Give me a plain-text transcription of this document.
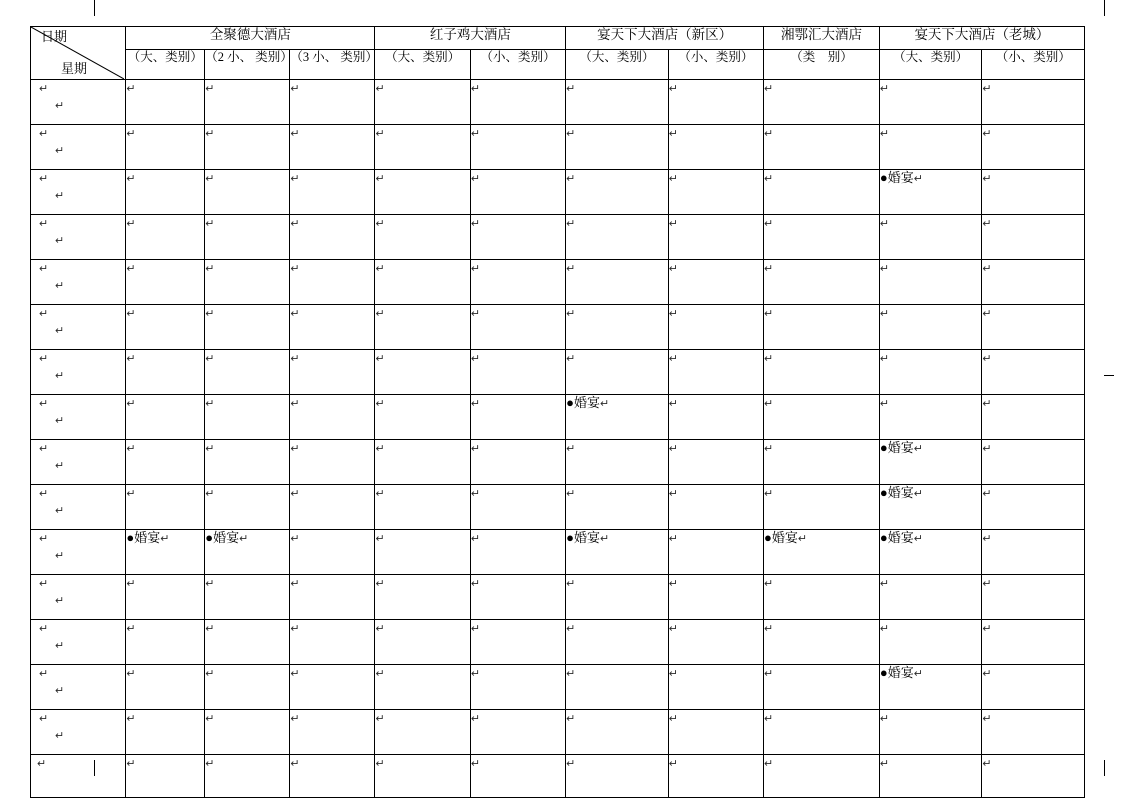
日期
星期	全聚德大酒店			红子鸡大酒店		宴天下大酒店（新区）		湘鄂汇大酒店	宴天下大酒店（老城）	
	（大、类别）	（2 小、 类别）	（3 小、 类别）	（大、类别）	（小、类别）	（大、类别）	（小、类别）	（类　别）	（大、类别）	（小、类别）

↵
↵	↵	↵	↵	↵	↵	↵	↵	↵	↵	↵

↵
↵	↵	↵	↵	↵	↵	↵	↵	↵	↵	↵

↵
↵	↵	↵	↵	↵	↵	↵	↵	↵	●婚宴↵	↵

↵
↵	↵	↵	↵	↵	↵	↵	↵	↵	↵	↵

↵
↵	↵	↵	↵	↵	↵	↵	↵	↵	↵	↵

↵
↵	↵	↵	↵	↵	↵	↵	↵	↵	↵	↵

↵
↵	↵	↵	↵	↵	↵	↵	↵	↵	↵	↵

↵
↵	↵	↵	↵	↵	↵	●婚宴↵	↵	↵	↵	↵

↵
↵	↵	↵	↵	↵	↵	↵	↵	↵	●婚宴↵	↵

↵
↵	↵	↵	↵	↵	↵	↵	↵	↵	●婚宴↵	↵

↵
↵	●婚宴↵	●婚宴↵	↵	↵	↵	●婚宴↵	↵	●婚宴↵	●婚宴↵	↵

↵
↵	↵	↵	↵	↵	↵	↵	↵	↵	↵	↵

↵
↵	↵	↵	↵	↵	↵	↵	↵	↵	↵	↵

↵
↵	↵	↵	↵	↵	↵	↵	↵	↵	●婚宴↵	↵

↵
↵	↵	↵	↵	↵	↵	↵	↵	↵	↵	↵

↵	↵	↵	↵	↵	↵	↵	↵	↵	↵	↵
